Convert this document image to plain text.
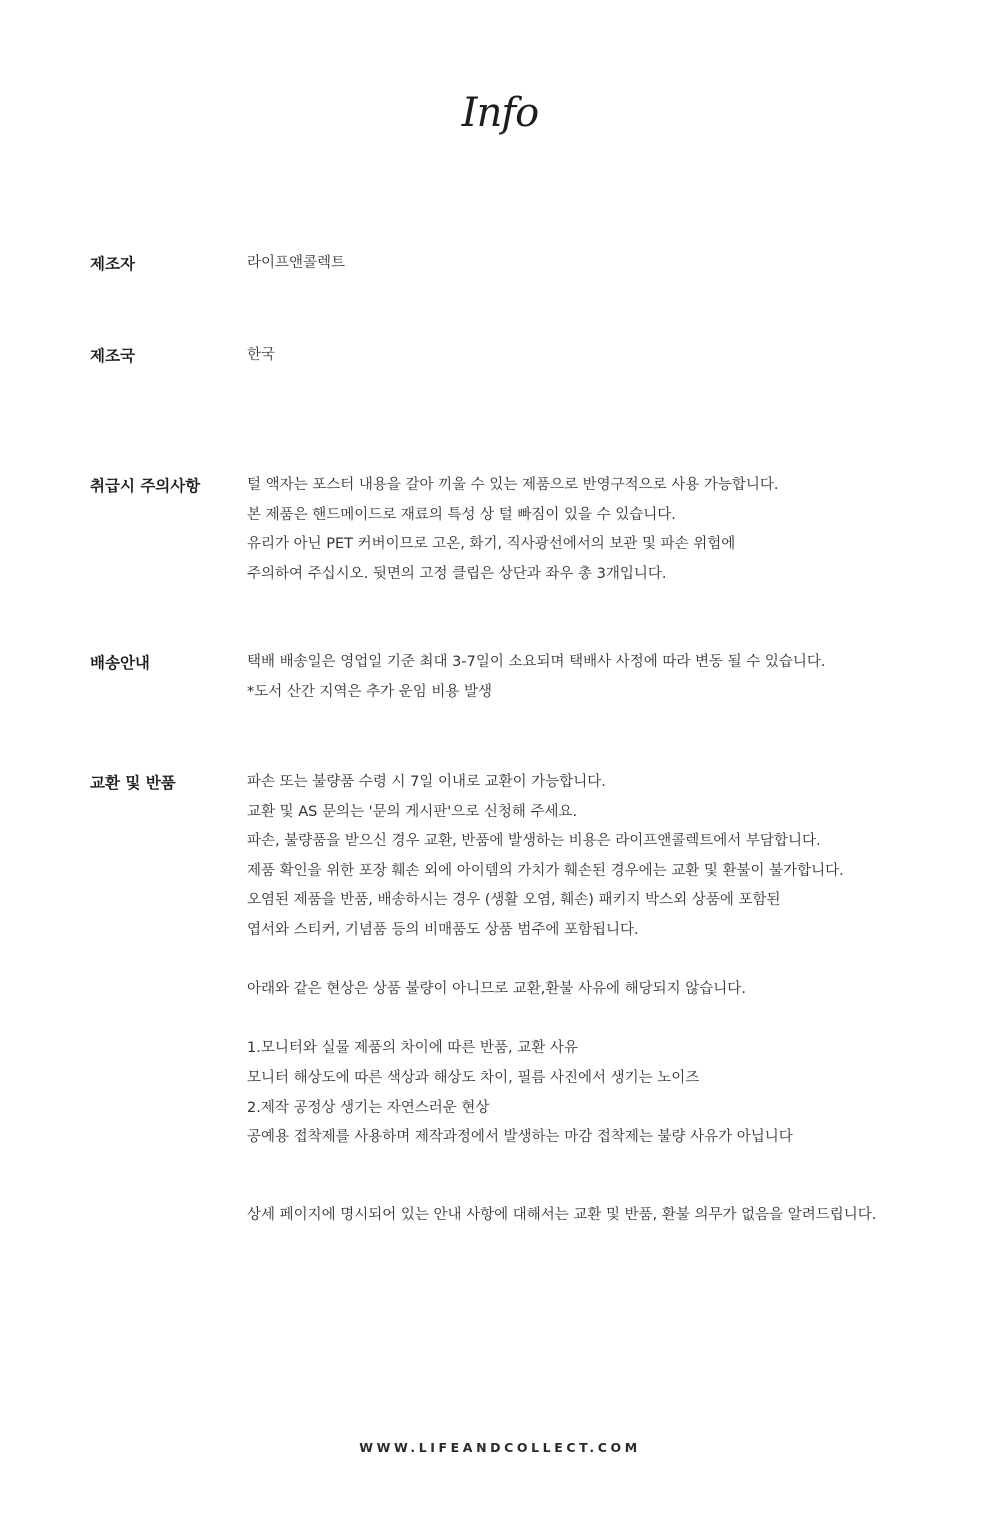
Info
제조자	라이프앤콜렉트
제조국	한국
취급시 주의사항	털 액자는 포스터 내용을 갈아 끼울 수 있는 제품으로 반영구적으로 사용 가능합니다.
본 제품은 핸드메이드로 재료의 특성 상 털 빠짐이 있을 수 있습니다.
유리가 아닌 PET 커버이므로 고온, 화기, 직사광선에서의 보관 및 파손 위험에
주의하여 주십시오. 뒷면의 고정 클립은 상단과 좌우 총 3개입니다.
배송안내	택배 배송일은 영업일 기준 최대 3-7일이 소요되며 택배사 사정에 따라 변동 될 수 있습니다.
*도서 산간 지역은 추가 운임 비용 발생
교환 및 반품	파손 또는 불량품 수령 시 7일 이내로 교환이 가능합니다.
교환 및 AS 문의는 '문의 게시판'으로 신청해 주세요.
파손, 불량품을 받으신 경우 교환, 반품에 발생하는 비용은 라이프앤콜렉트에서 부담합니다.
제품 확인을 위한 포장 훼손 외에 아이템의 가치가 훼손된 경우에는 교환 및 환불이 불가합니다.
오염된 제품을 반품, 배송하시는 경우 (생활 오염, 훼손) 패키지 박스외 상품에 포함된
엽서와 스티커, 기념품 등의 비매품도 상품 범주에 포함됩니다.
아래와 같은 현상은 상품 불량이 아니므로 교환,환불 사유에 해당되지 않습니다.
1.모니터와 실물 제품의 차이에 따른 반품, 교환 사유
모니터 해상도에 따른 색상과 해상도 차이, 필름 사진에서 생기는 노이즈
2.제작 공정상 생기는 자연스러운 현상
공예용 접착제를 사용하며 제작과정에서 발생하는 마감 접착제는 불량 사유가 아닙니다
상세 페이지에 명시되어 있는 안내 사항에 대해서는 교환 및 반품, 환불 의무가 없음을 알려드립니다.
WWW.LIFEANDCOLLECT.COM
